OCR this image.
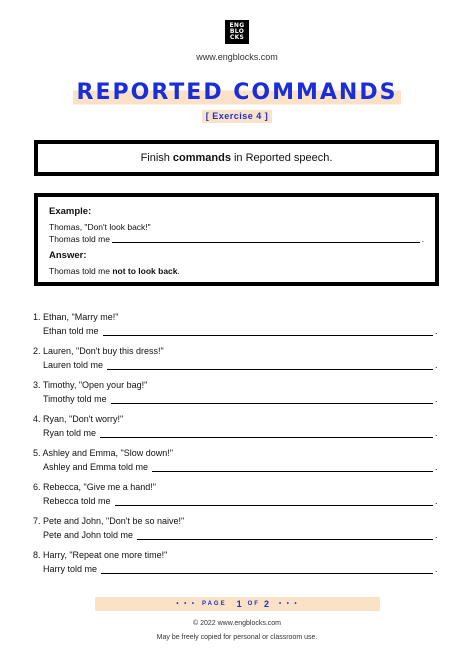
ENG
BLO
CKS
www.engblocks.com
REPORTED COMMANDS
[ Exercise 4 ]
Finish commands in Reported speech.
Example:
Thomas, "Don't look back!"
Thomas told me	.
Answer:
Thomas told me not to look back.
1. Ethan, "Marry me!"
Ethan told me	.
2. Lauren, "Don't buy this dress!"
Lauren told me	.
3. Timothy, "Open your bag!"
Timothy told me	.
4. Ryan, "Don't worry!"
Ryan told me	.
5. Ashley and Emma, "Slow down!"
Ashley and Emma told me	.
6. Rebecca, "Give me a hand!"
Rebecca told me	.
7. Pete and John, "Don't be so naive!"
Pete and John told me	.
8. Harry, "Repeat one more time!"
Harry told me	.
• • • PAGE 1 OF 2 • • •
© 2022 www.engblocks.com
May be freely copied for personal or classroom use.
